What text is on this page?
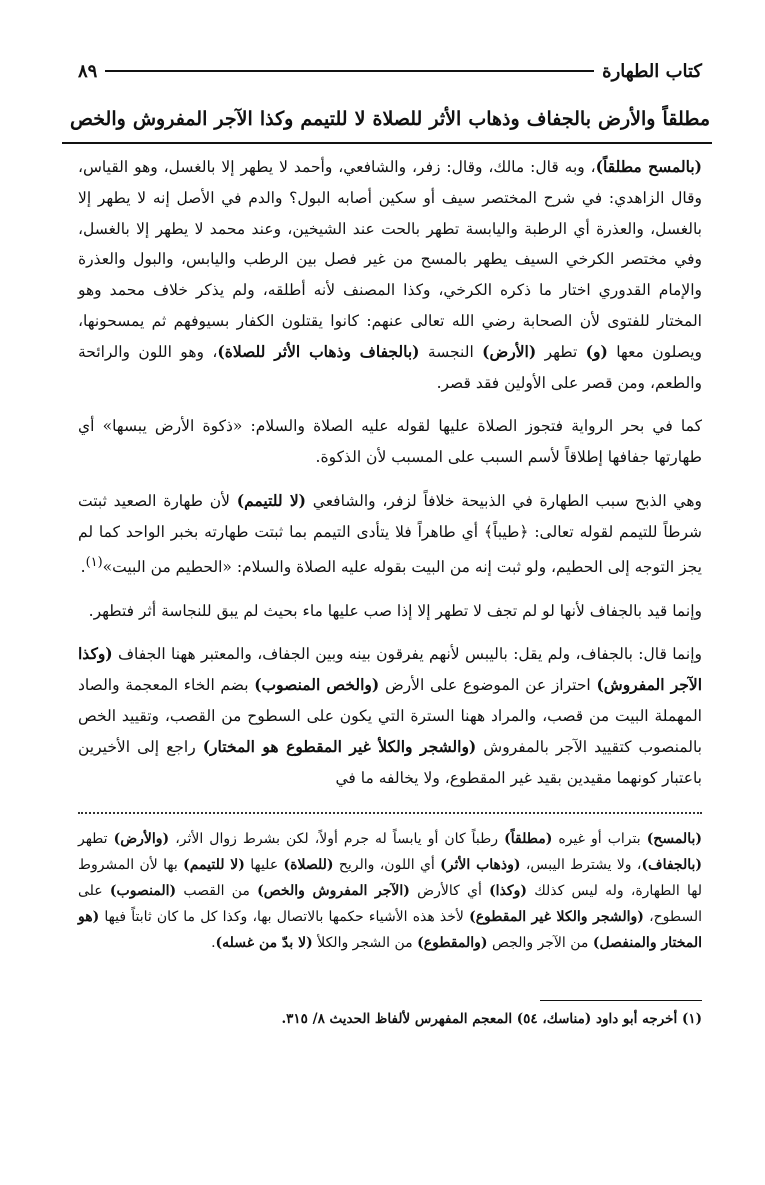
كتاب الطهارة
٨٩
مطلقاً والأرض بالجفاف وذهاب الأثر للصلاة لا للتيمم وكذا الآجر المفروش والخص

(بالمسح مطلقاً)، وبه قال: مالك، وقال: زفر، والشافعي، وأحمد لا يطهر إلا بالغسل، وهو القياس، وقال الزاهدي: في شرح المختصر سيف أو سكين أصابه البول؟ والدم في الأصل إنه لا يطهر إلا بالغسل، والعذرة أي الرطبة واليابسة تطهر بالحت عند الشيخين، وعند محمد لا يطهر إلا بالغسل، وفي مختصر الكرخي السيف يطهر بالمسح من غير فصل بين الرطب واليابس، والبول والعذرة والإمام القدوري اختار ما ذكره الكرخي، وكذا المصنف لأنه أطلقه، ولم يذكر خلاف محمد وهو المختار للفتوى لأن الصحابة رضي الله تعالى عنهم: كانوا يقتلون الكفار بسيوفهم ثم يمسحونها، ويصلون معها (و) تطهر (الأرض) النجسة (بالجفاف وذهاب الأثر للصلاة)، وهو اللون والرائحة والطعم، ومن قصر على الأولين فقد قصر.

كما في بحر الرواية فتجوز الصلاة عليها لقوله عليه الصلاة والسلام: «ذكوة الأرض يبسها» أي طهارتها جفافها إطلاقاً لأسم السبب على المسبب لأن الذكوة.

وهي الذبح سبب الطهارة في الذبيحة خلافاً لزفر، والشافعي (لا للتيمم) لأن طهارة الصعيد ثبتت شرطاً للتيمم لقوله تعالى: ﴿طيباً﴾ أي طاهراً فلا يتأدى التيمم بما ثبتت طهارته بخبر الواحد كما لم يجز التوجه إلى الحطيم، ولو ثبت إنه من البيت بقوله عليه الصلاة والسلام: «الحطيم من البيت»$^{(١)}$.

وإنما قيد بالجفاف لأنها لو لم تجف لا تطهر إلا إذا صب عليها ماء بحيث لم يبق للنجاسة أثر فتطهر.

وإنما قال: بالجفاف، ولم يقل: باليبس لأنهم يفرقون بينه وبين الجفاف، والمعتبر ههنا الجفاف (وكذا الآجر المفروش) احتراز عن الموضوع على الأرض (والخص المنصوب) بضم الخاء المعجمة والصاد المهملة البيت من قصب، والمراد ههنا السترة التي يكون على السطوح من القصب، وتقييد الخص بالمنصوب كتقييد الآجر بالمفروش (والشجر والكلأ غير المقطوع هو المختار) راجع إلى الأخيرين باعتبار كونهما مقيدين بقيد غير المقطوع، ولا يخالفه ما في

(بالمسح) بتراب أو غيره (مطلقاً) رطباً كان أو يابساً له جرم أولاً، لكن بشرط زوال الأثر، (والأرض) تطهر (بالجفاف)، ولا يشترط اليبس، (وذهاب الأثر) أي اللون، والريح (للصلاة) عليها (لا للتيمم) بها لأن المشروط لها الطهارة، وله ليس كذلك (وكذا) أي كالأرض (الآجر المفروش والخص) من القصب (المنصوب) على السطوح، (والشجر والكلا غير المقطوع) لأخذ هذه الأشياء حكمها بالاتصال بها، وكذا كل ما كان ثابتاً فيها (هو المختار والمنفصل) من الآجر والجص (والمقطوع) من الشجر والكلأ (لا بدّ من غسله).
(١) أخرجه أبو داود (مناسك، ٥٤) المعجم المفهرس لألفاظ الحديث ٨/ ٣١٥.
